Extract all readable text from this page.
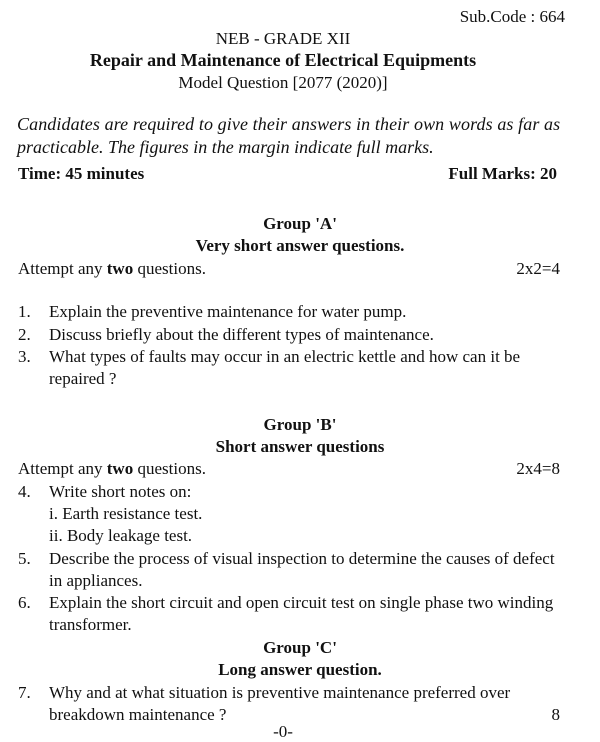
Sub.Code : 664
NEB - GRADE XII
Repair and Maintenance of Electrical Equipments
Model Question [2077 (2020)]
Candidates are required to give their answers in their own words as far as
practicable. The figures in the margin indicate full marks.
Time: 45 minutes	Full Marks: 20
Group 'A'
Very short answer questions.
Attempt any two questions.	2x2=4
1.	Explain the preventive maintenance for water pump.
2.	Discuss briefly about the different types of maintenance.
3.	What types of faults may occur in an electric kettle and how can it be
repaired ?
Group 'B'
Short answer questions
Attempt any two questions.	2x4=8
4.	Write short notes on:
i. Earth resistance test.
ii. Body leakage test.
5.	Describe the process of visual inspection to determine the causes of defect
in appliances.
6.	Explain the short circuit and open circuit test on single phase two winding
transformer.
Group 'C'
Long answer question.
7.	Why and at what situation is preventive maintenance preferred over
breakdown maintenance ?	8
-0-
